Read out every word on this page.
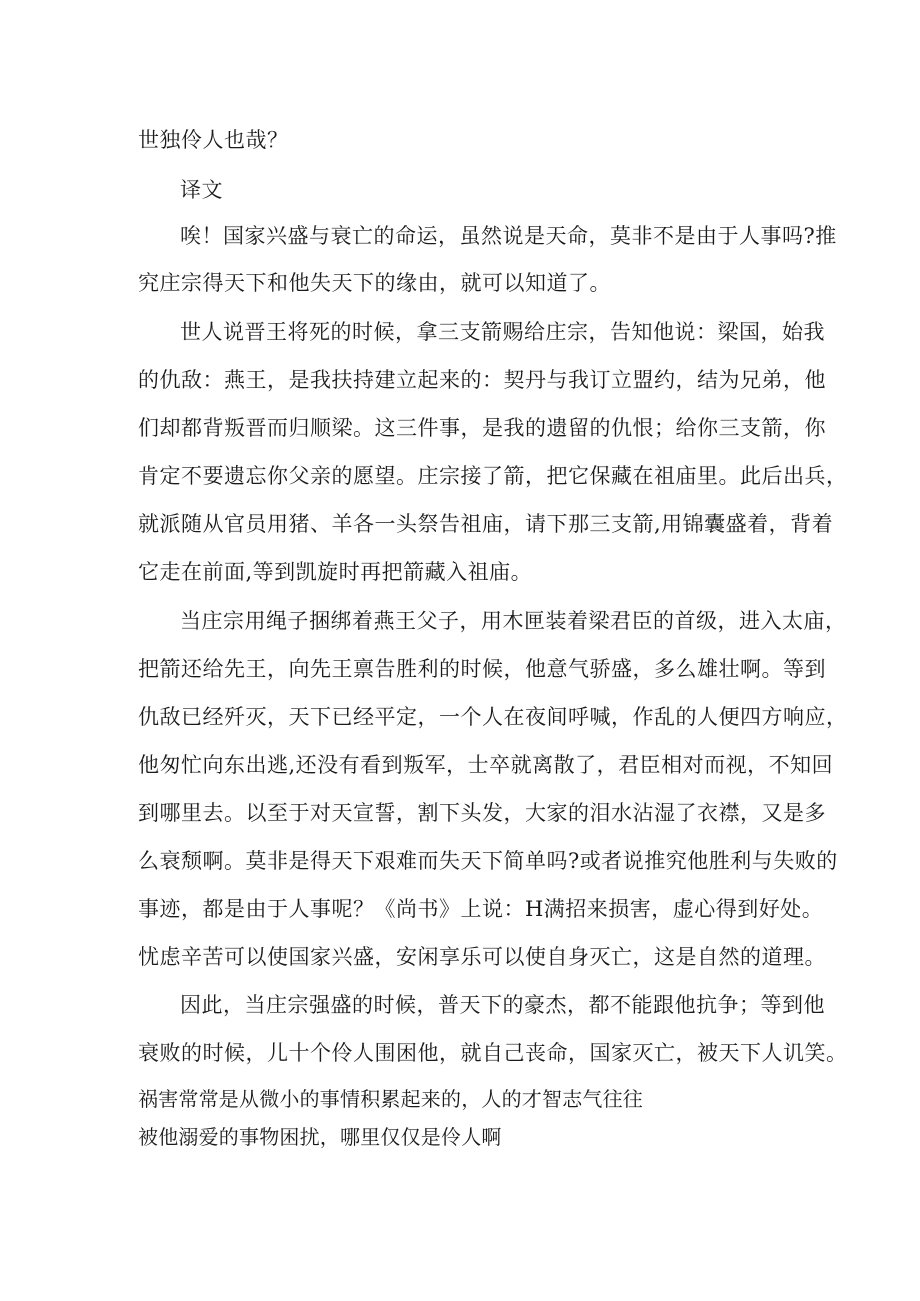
世独伶人也哉？
译文
唉！国家兴盛与衰亡的命运，虽然说是天命，莫非不是由于人事吗?推
究庄宗得天下和他失天下的缘由，就可以知道了。
世人说晋王将死的时候，拿三支箭赐给庄宗，告知他说：梁国，始我
的仇敌：燕王，是我扶持建立起来的：契丹与我订立盟约，结为兄弟，他
们却都背叛晋而归顺梁。这三件事，是我的遗留的仇恨；给你三支箭，你
肯定不要遗忘你父亲的愿望。庄宗接了箭，把它保藏在祖庙里。此后出兵，
就派随从官员用猪、羊各一头祭告祖庙，请下那三支箭,用锦囊盛着，背着
它走在前面,等到凯旋时再把箭藏入祖庙。
当庄宗用绳子捆绑着燕王父子，用木匣装着梁君臣的首级，进入太庙，
把箭还给先王，向先王禀告胜利的时候，他意气骄盛，多么雄壮啊。等到
仇敌已经歼灭，天下已经平定，一个人在夜间呼喊，作乱的人便四方响应，
他匆忙向东出逃,还没有看到叛军，士卒就离散了，君臣相对而视，不知回
到哪里去。以至于对天宣誓，割下头发，大家的泪水沾湿了衣襟，又是多
么衰颓啊。莫非是得天下艰难而失天下简单吗?或者说推究他胜利与失败的
事迹，都是由于人事呢？《尚书》上说：H满招来损害，虚心得到好处。
忧虑辛苦可以使国家兴盛，安闲享乐可以使自身灭亡，这是自然的道理。
因此，当庄宗强盛的时候，普天下的豪杰，都不能跟他抗争；等到他
衰败的时候，儿十个伶人围困他，就自己丧命，国家灭亡，被天下人讥笑。
祸害常常是从微小的事情积累起来的，人的才智志气往往
被他溺爱的事物困扰，哪里仅仅是伶人啊
